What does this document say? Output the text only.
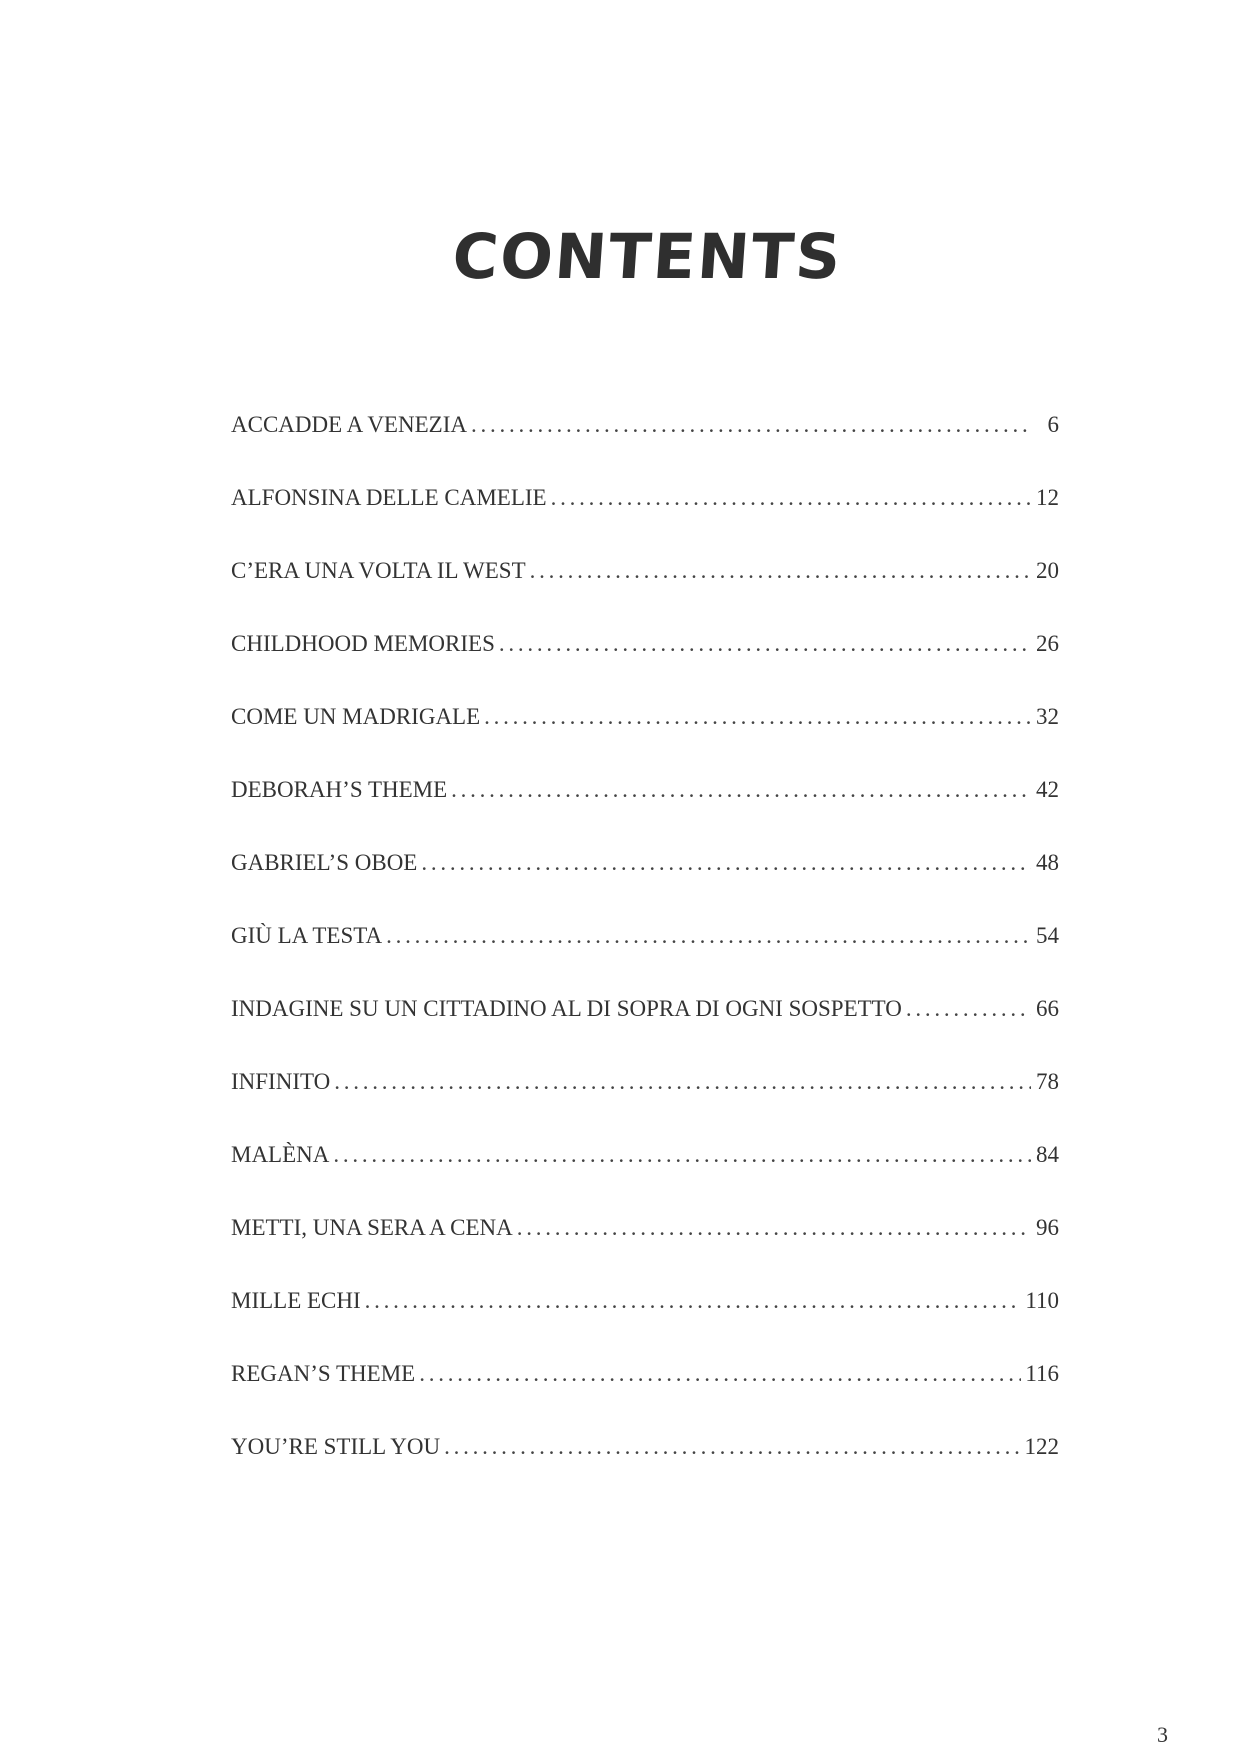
CONTENTS
ACCADDE A VENEZIA . . .	6
ALFONSINA DELLE CAMELIE . . .	12
C’ERA UNA VOLTA IL WEST . . .	20
CHILDHOOD MEMORIES . . .	26
COME UN MADRIGALE . . .	32
DEBORAH’S THEME . . .	42
GABRIEL’S OBOE . . .	48
GIÙ LA TESTA . . .	54
INDAGINE SU UN CITTADINO AL DI SOPRA DI OGNI SOSPETTO . . .	66
INFINITO . . .	78
MALÈNA . . .	84
METTI, UNA SERA A CENA . . .	96
MILLE ECHI . . .	110
REGAN’S THEME . . .	116
YOU’RE STILL YOU . . .	122
3
